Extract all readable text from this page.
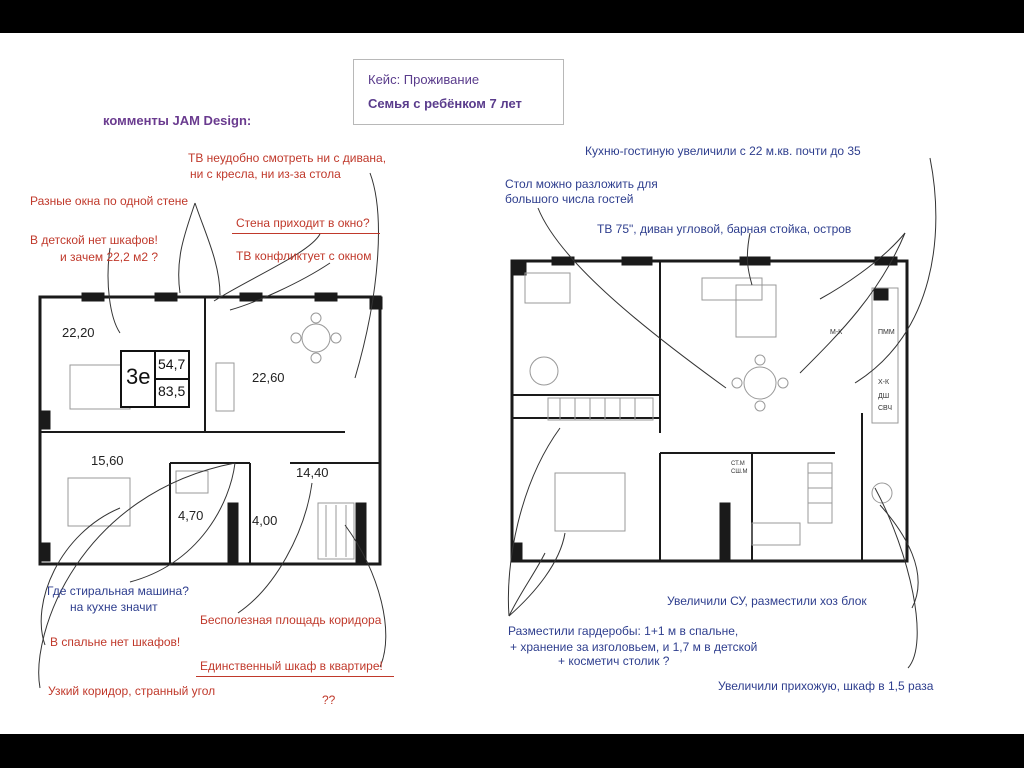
Кейс: Проживание
Семья с ребёнком 7 лет
комменты JAM Design:
3е 54,7
83,5
22,20
22,60
15,60
14,40
4,70	4,00
ТВ неудобно смотреть ни с дивана,
ни с кресла, ни из-за стола
Разные окна по одной стене
Стена приходит в окно?
В детской нет шкафов!
и зачем 22,2 м2 ?	ТВ конфликтует с окном
Где стиральная машина?
на кухне значит
Бесполезная площадь коридора
В спальне нет шкафов!
Единственный шкаф в квартире!
Узкий коридор, странный угол
??
Кухню-гостиную увеличили с 22 м.кв. почти до 35
Стол можно разложить для
большого числа гостей
ТВ 75", диван угловой, барная стойка, остров
Увеличили СУ, разместили хоз блок
Разместили гардеробы: 1+1 м в спальне,
+ хранение за изголовьем, и 1,7 м в детской
+ косметич столик ?
Увеличили прихожую, шкаф в 1,5 раза
М-К	ПММ
Х-К
ДШ
СВЧ
СТ.М
СШ.М
